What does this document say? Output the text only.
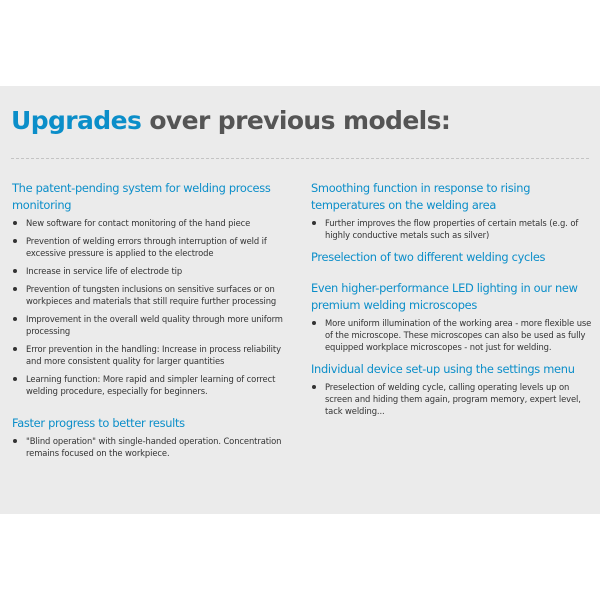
Upgrades over previous models:
The patent-pending system for welding process monitoring
New software for contact monitoring of the hand piece
Prevention of welding errors through interruption of weld if excessive pressure is applied to the electrode
Increase in service life of electrode tip
Prevention of tungsten inclusions on sensitive surfaces or on workpieces and materials that still require further processing
Improvement in the overall weld quality through more uniform processing
Error prevention in the handling: Increase in process reliability and more consistent quality for larger quantities
Learning function: More rapid and simpler learning of correct welding procedure, especially for beginners.
Faster progress to better results
"Blind operation" with single-handed operation. Concentration remains focused on the workpiece.
Smoothing function in response to rising temperatures on the welding area
Further improves the flow properties of certain metals (e.g. of highly conductive metals such as silver)
Preselection of two different welding cycles
Even higher-performance LED lighting in our new premium welding microscopes
More uniform illumination of the working area - more flexible use of the microscope. These microscopes can also be used as fully equipped workplace microscopes - not just for welding.
Individual device set-up using the settings menu
Preselection of welding cycle, calling operating levels up on screen and hiding them again, program memory, expert level, tack welding...
